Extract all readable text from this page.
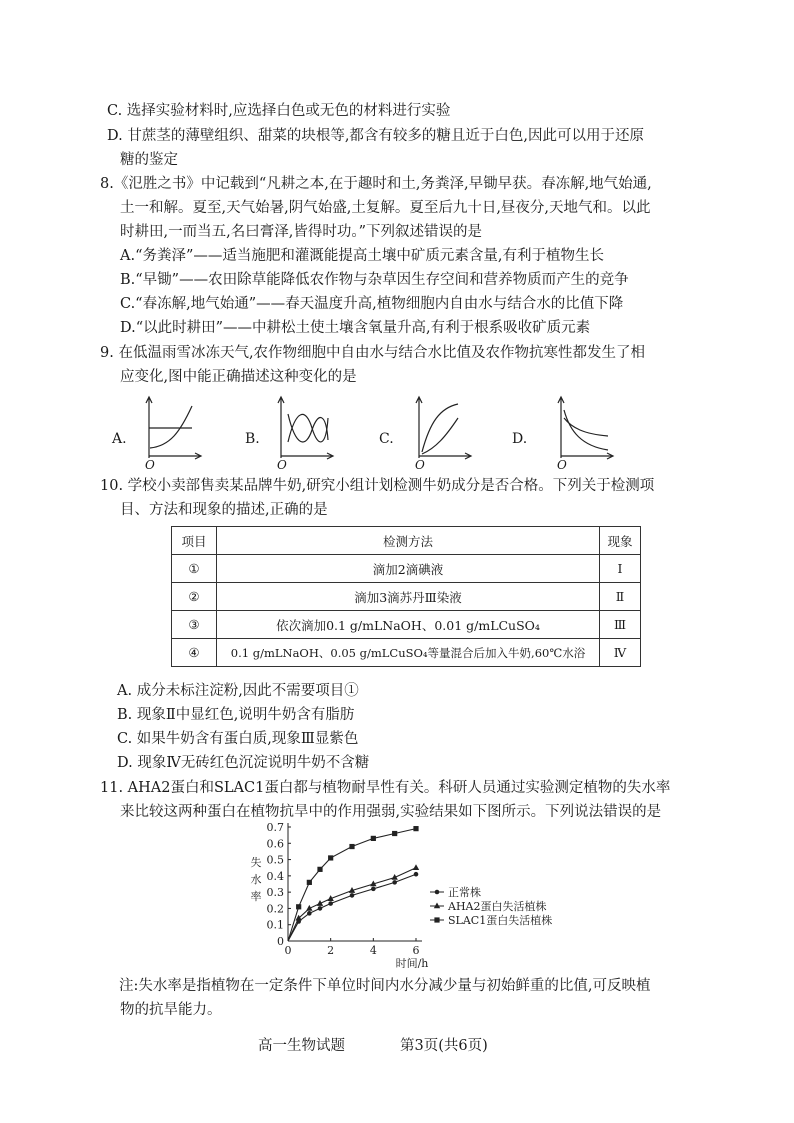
C. 选择实验材料时,应选择白色或无色的材料进行实验
D. 甘蔗茎的薄壁组织、甜菜的块根等,都含有较多的糖且近于白色,因此可以用于还原
糖的鉴定
8.《氾胜之书》中记载到“凡耕之本,在于趣时和土,务粪泽,早锄早获。春冻解,地气始通,
土一和解。夏至,天气始暑,阴气始盛,土复解。夏至后九十日,昼夜分,天地气和。以此
时耕田,一而当五,名曰膏泽,皆得时功。”下列叙述错误的是
A.“务粪泽”——适当施肥和灌溉能提高土壤中矿质元素含量,有利于植物生长
B.“早锄”——农田除草能降低农作物与杂草因生存空间和营养物质而产生的竞争
C.“春冻解,地气始通”——春天温度升高,植物细胞内自由水与结合水的比值下降
D.“以此时耕田”——中耕松土使土壤含氧量升高,有利于根系吸收矿质元素
9. 在低温雨雪冰冻天气,农作物细胞中自由水与结合水比值及农作物抗寒性都发生了相
应变化,图中能正确描述这种变化的是
A.
O
B.
O
C.
O
D.
O
10. 学校小卖部售卖某品牌牛奶,研究小组计划检测牛奶成分是否合格。下列关于检测项
目、方法和现象的描述,正确的是
项目	检测方法	现象
①	滴加2滴碘液	Ⅰ
②	滴加3滴苏丹Ⅲ染液	Ⅱ
③	依次滴加0.1 g/mLNaOH、0.01 g/mLCuSO₄	Ⅲ
④	0.1 g/mLNaOH、0.05 g/mLCuSO₄等量混合后加入牛奶,60℃水浴	Ⅳ
A. 成分未标注淀粉,因此不需要项目①
B. 现象Ⅱ中显红色,说明牛奶含有脂肪
C. 如果牛奶含有蛋白质,现象Ⅲ显紫色
D. 现象Ⅳ无砖红色沉淀说明牛奶不含糖
11. AHA2蛋白和SLAC1蛋白都与植物耐旱性有关。科研人员通过实验测定植物的失水率
来比较这两种蛋白在植物抗旱中的作用强弱,实验结果如下图所示。下列说法错误的是
0
0.1
0.2
0.3
0.4
0.5
0.6
0.7
0	2	4	6
时间/h
失
水
率	正常株
AHA2蛋白失活植株
SLAC1蛋白失活植株
注:失水率是指植物在一定条件下单位时间内水分减少量与初始鲜重的比值,可反映植
物的抗旱能力。
高一生物试题	第3页(共6页)
